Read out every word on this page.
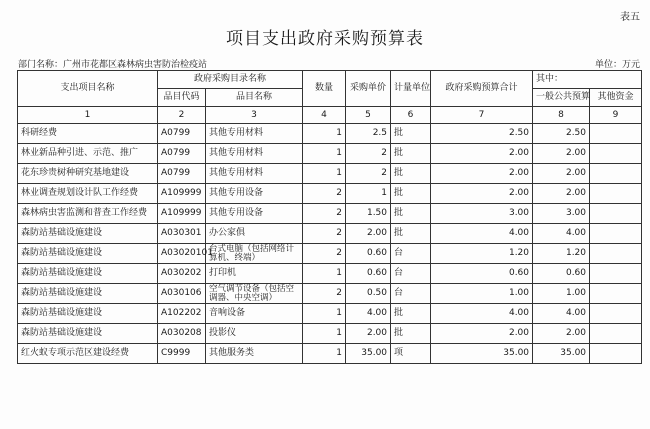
表五
项目支出政府采购预算表
部门名称：广州市花都区森林病虫害防治检疫站	单位：万元
支出项目名称	政府采购目录名称		数量	采购单价	计量单位	政府采购预算合计	其中：	
	品目代码	品目名称					一般公共预算	其他资金
1	2	3	4	5	6	7	8	9
科研经费	A0799	其他专用材料	1	2.5	批	2.50	2.50	
林业新品种引进、示范、推广	A0799	其他专用材料	1	2	批	2.00	2.00	
花东珍贵树种研究基地建设	A0799	其他专用材料	1	2	批	2.00	2.00	
林业调查规划设计队工作经费	A109999	其他专用设备	2	1	批	2.00	2.00	
森林病虫害监测和普查工作经费	A109999	其他专用设备	2	1.50	批	3.00	3.00	
森防站基础设施建设	A030301	办公家俱	2	2.00	批	4.00	4.00	
森防站基础设施建设	A03020101	台式电脑（包括网络计算机、终端）	2	0.60	台	1.20	1.20	
森防站基础设施建设	A030202	打印机	1	0.60	台	0.60	0.60	
森防站基础设施建设	A030106	空气调节设备（包括空调器、中央空调）	2	0.50	台	1.00	1.00	
森防站基础设施建设	A102202	音响设备	1	4.00	批	4.00	4.00	
森防站基础设施建设	A030208	投影仪	1	2.00	批	2.00	2.00	
红火蚁专项示范区建设经费	C9999	其他服务类	1	35.00	项	35.00	35.00	
